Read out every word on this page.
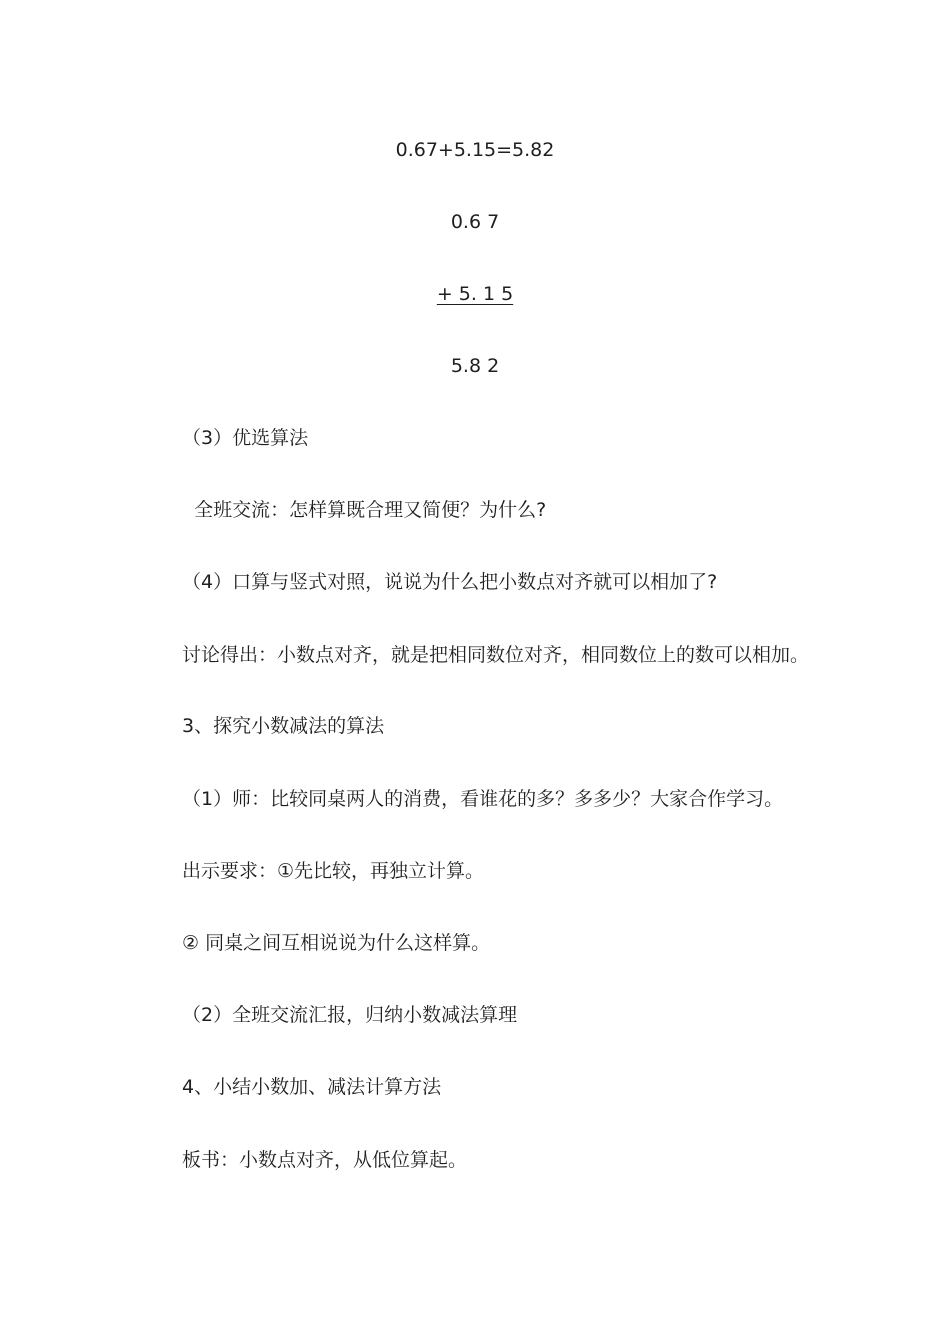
0.67+5.15=5.82
0.6 7
+ 5. 1 5
5.8 2
（3）优选算法
全班交流：怎样算既合理又简便？为什么?
（4）口算与竖式对照，说说为什么把小数点对齐就可以相加了?
讨论得出：小数点对齐，就是把相同数位对齐，相同数位上的数可以相加。
3、探究小数减法的算法
（1）师：比较同桌两人的消费，看谁花的多？多多少？大家合作学习。
出示要求：①先比较，再独立计算。
② 同桌之间互相说说为什么这样算。
（2）全班交流汇报，归纳小数减法算理
4、小结小数加、减法计算方法
板书：小数点对齐，从低位算起。
